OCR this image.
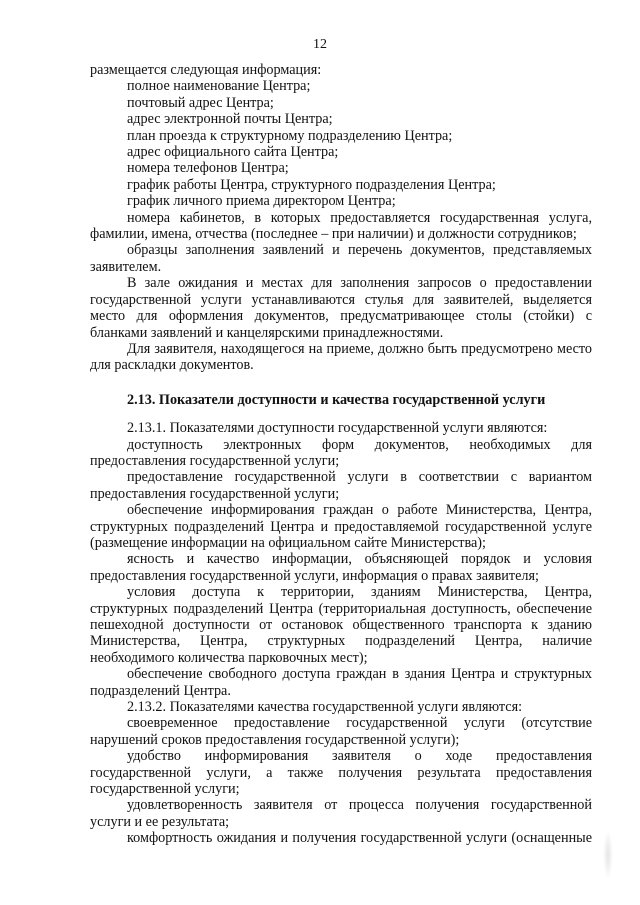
12

размещается следующая информация:

полное наименование Центра;

почтовый адрес Центра;

адрес электронной почты Центра;

план проезда к структурному подразделению Центра;

адрес официального сайта Центра;

номера телефонов Центра;

график работы Центра, структурного подразделения Центра;

график личного приема директором Центра;

номера кабинетов, в которых предоставляется государственная услуга, фамилии, имена, отчества (последнее – при наличии) и должности сотрудников;

образцы заполнения заявлений и перечень документов, представляемых заявителем.

В зале ожидания и местах для заполнения запросов о предоставлении государственной услуги устанавливаются стулья для заявителей, выделяется место для оформления документов, предусматривающее столы (стойки) с бланками заявлений и канцелярскими принадлежностями.

Для заявителя, находящегося на приеме, должно быть предусмотрено место для раскладки документов.

2.13. Показатели доступности и качества государственной услуги

2.13.1. Показателями доступности государственной услуги являются:

доступность электронных форм документов, необходимых для предоставления государственной услуги;

предоставление государственной услуги в соответствии с вариантом предоставления государственной услуги;

обеспечение информирования граждан о работе Министерства, Центра, структурных подразделений Центра и предоставляемой государственной услуге (размещение информации на официальном сайте Министерства);

ясность и качество информации, объясняющей порядок и условия предоставления государственной услуги, информация о правах заявителя;

условия доступа к территории, зданиям Министерства, Центра, структурных подразделений Центра (территориальная доступность, обеспечение пешеходной доступности от остановок общественного транспорта к зданию Министерства, Центра, структурных подразделений Центра, наличие необходимого количества парковочных мест);

обеспечение свободного доступа граждан в здания Центра и структурных подразделений Центра.

2.13.2. Показателями качества государственной услуги являются:

своевременное предоставление государственной услуги (отсутствие нарушений сроков предоставления государственной услуги);

удобство информирования заявителя о ходе предоставления государственной услуги, а также получения результата предоставления государственной услуги;

удовлетворенность заявителя от процесса получения государственной услуги и ее результата;

комфортность ожидания и получения государственной услуги (оснащенные
